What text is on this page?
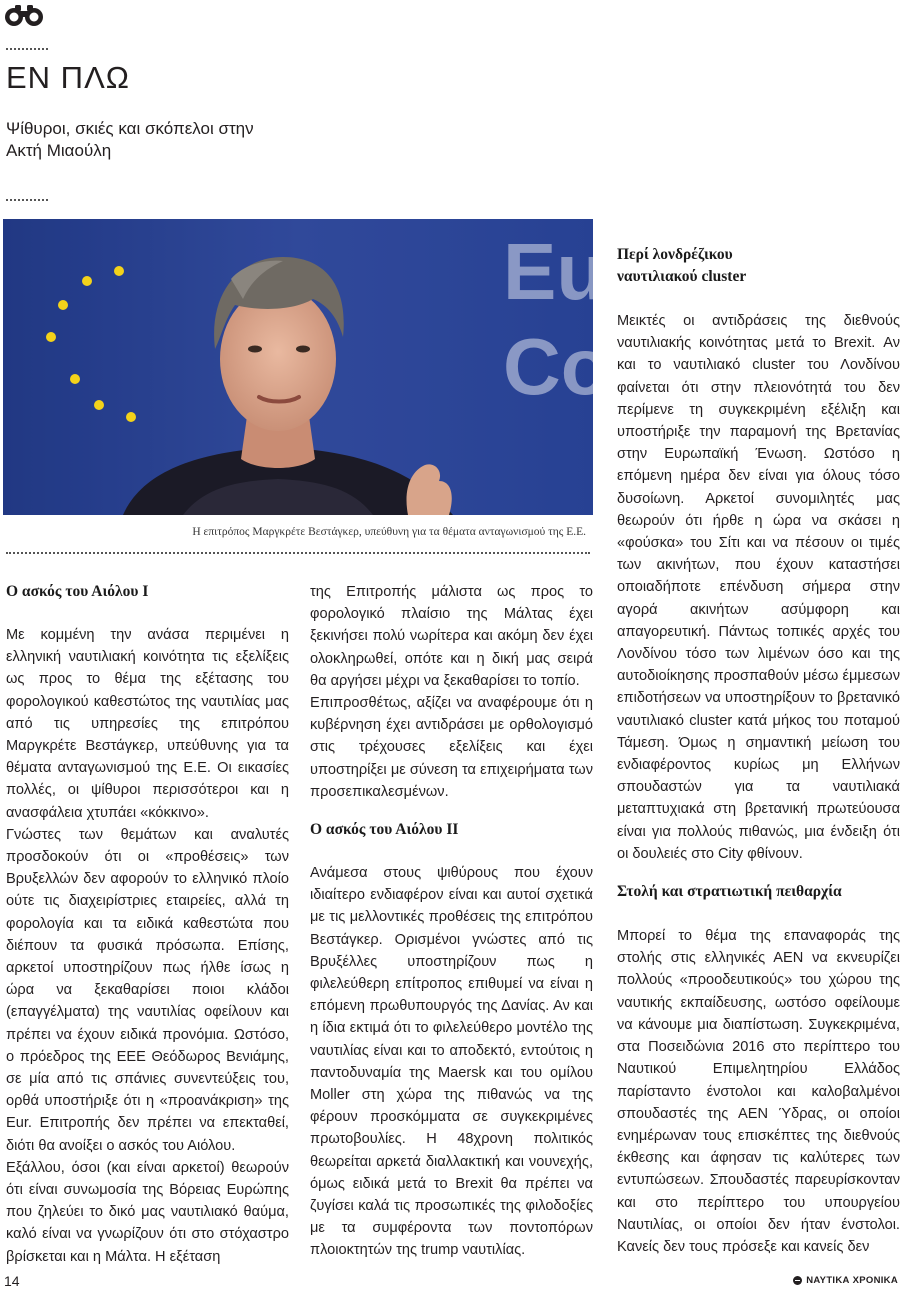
ΕΝ ΠΛΩ

Ψίθυροι, σκιές και σκόπελοι στην Ακτή Μιαούλη

Eu
Co
Η επιτρόπος Μαργκρέτε Βεστάγκερ, υπεύθυνη για τα θέματα ανταγωνισμού της Ε.Ε.
Ο ασκός του Αιόλου Ι

Με κομμένη την ανάσα περιμένει η ελληνική ναυτιλιακή κοινότητα τις εξελίξεις ως προς το θέμα της εξέτασης του φορολογικού καθεστώτος της ναυτιλίας μας από τις υπηρεσίες της επιτρόπου Μαργκρέτε Βεστάγκερ, υπεύθυνης για τα θέματα ανταγωνισμού της Ε.Ε. Οι εικασίες πολλές, οι ψίθυροι περισσότεροι και η ανασφάλεια χτυπάει «κόκκινο».

Γνώστες των θεμάτων και αναλυτές προσδοκούν ότι οι «προθέσεις» των Βρυξελλών δεν αφορούν το ελληνικό πλοίο ούτε τις διαχειρίστριες εταιρείες, αλλά τη φορολογία και τα ειδικά καθεστώτα που διέπουν τα φυσικά πρόσωπα. Επίσης, αρκετοί υποστηρίζουν πως ήλθε ίσως η ώρα να ξεκαθαρίσει ποιοι κλάδοι (επαγγέλματα) της ναυτιλίας οφείλουν και πρέπει να έχουν ειδικά προνόμια. Ωστόσο, ο πρόεδρος της ΕΕΕ Θεόδωρος Βενιάμης, σε μία από τις σπάνιες συνεντεύξεις του, ορθά υποστήριξε ότι η «προανάκριση» της Eur. Επιτροπής δεν πρέπει να επεκταθεί, διότι θα ανοίξει ο ασκός του Αιόλου.

Εξάλλου, όσοι (και είναι αρκετοί) θεωρούν ότι είναι συνωμοσία της Βόρειας Ευρώπης που ζηλεύει το δικό μας ναυτιλιακό θαύμα, καλό είναι να γνωρίζουν ότι στο στόχαστρο βρίσκεται και η Μάλτα. Η εξέταση

της Επιτροπής μάλιστα ως προς το φορολογικό πλαίσιο της Μάλτας έχει ξεκινήσει πολύ νωρίτερα και ακόμη δεν έχει ολοκληρωθεί, οπότε και η δική μας σειρά θα αργήσει μέχρι να ξεκαθαρίσει το τοπίο.

Επιπροσθέτως, αξίζει να αναφέρουμε ότι η κυβέρνηση έχει αντιδράσει με ορθολογισμό στις τρέχουσες εξελίξεις και έχει υποστηρίξει με σύνεση τα επιχειρήματα των προσεπικαλεσμένων.

Ο ασκός του Αιόλου ΙΙ

Ανάμεσα στους ψιθύρους που έχουν ιδιαίτερο ενδιαφέρον είναι και αυτοί σχετικά με τις μελλοντικές προθέσεις της επιτρόπου Βεστάγκερ. Ορισμένοι γνώστες από τις Βρυξέλλες υποστηρίζουν πως η φιλελεύθερη επίτροπος επιθυμεί να είναι η επόμενη πρωθυπουργός της Δανίας. Αν και η ίδια εκτιμά ότι το φιλελεύθερο μοντέλο της ναυτιλίας είναι και το αποδεκτό, εντούτοις η παντοδυναμία της Maersk και του ομίλου Moller στη χώρα της πιθανώς να της φέρουν προσκόμματα σε συγκεκριμένες πρωτοβουλίες. Η 48χρονη πολιτικός θεωρείται αρκετά διαλλακτική και νουνεχής, όμως ειδικά μετά το Brexit θα πρέπει να ζυγίσει καλά τις προσωπικές της φιλοδοξίες με τα συμφέροντα των ποντοπόρων πλοιοκτητών της trump ναυτιλίας.

Περί λονδρέζικου ναυτιλιακού cluster

Μεικτές οι αντιδράσεις της διεθνούς ναυτιλιακής κοινότητας μετά το Brexit. Αν και το ναυτιλιακό cluster του Λονδίνου φαίνεται ότι στην πλειονότητά του δεν περίμενε τη συγκεκριμένη εξέλιξη και υποστήριξε την παραμονή της Βρετανίας στην Ευρωπαϊκή Ένωση. Ωστόσο η επόμενη ημέρα δεν είναι για όλους τόσο δυσοίωνη. Αρκετοί συνομιλητές μας θεωρούν ότι ήρθε η ώρα να σκάσει η «φούσκα» του Σίτι και να πέσουν οι τιμές των ακινήτων, που έχουν καταστήσει οποιαδήποτε επένδυση σήμερα στην αγορά ακινήτων ασύμφορη και απαγορευτική. Πάντως τοπικές αρχές του Λονδίνου τόσο των λιμένων όσο και της αυτοδιοίκησης προσπαθούν μέσω έμμεσων επιδοτήσεων να υποστηρίξουν το βρετανικό ναυτιλιακό cluster κατά μήκος του ποταμού Τάμεση. Όμως η σημαντική μείωση του ενδιαφέροντος κυρίως μη Ελλήνων σπουδαστών για τα ναυτιλιακά μεταπτυχιακά στη βρετανική πρωτεύουσα είναι για πολλούς πιθανώς, μια ένδειξη ότι οι δουλειές στο City φθίνουν.

Στολή και στρατιωτική πειθαρχία

Μπορεί το θέμα της επαναφοράς της στολής στις ελληνικές ΑΕΝ να εκνευρίζει πολλούς «προοδευτικούς» του χώρου της ναυτικής εκπαίδευσης, ωστόσο οφείλουμε να κάνουμε μια διαπίστωση. Συγκεκριμένα, στα Ποσειδώνια 2016 στο περίπτερο του Ναυτικού Επιμελητηρίου Ελλάδος παρίσταντο ένστολοι και καλοβαλμένοι σπουδαστές της ΑΕΝ Ύδρας, οι οποίοι ενημέρωναν τους επισκέπτες της διεθνούς έκθεσης και άφησαν τις καλύτερες των εντυπώσεων. Σπουδαστές παρευρίσκονταν και στο περίπτερο του υπουργείου Ναυτιλίας, οι οποίοι δεν ήταν ένστολοι. Κανείς δεν τους πρόσεξε και κανείς δεν

14	ΝΑΥΤΙΚΑ ΧΡΟΝΙΚΑ
